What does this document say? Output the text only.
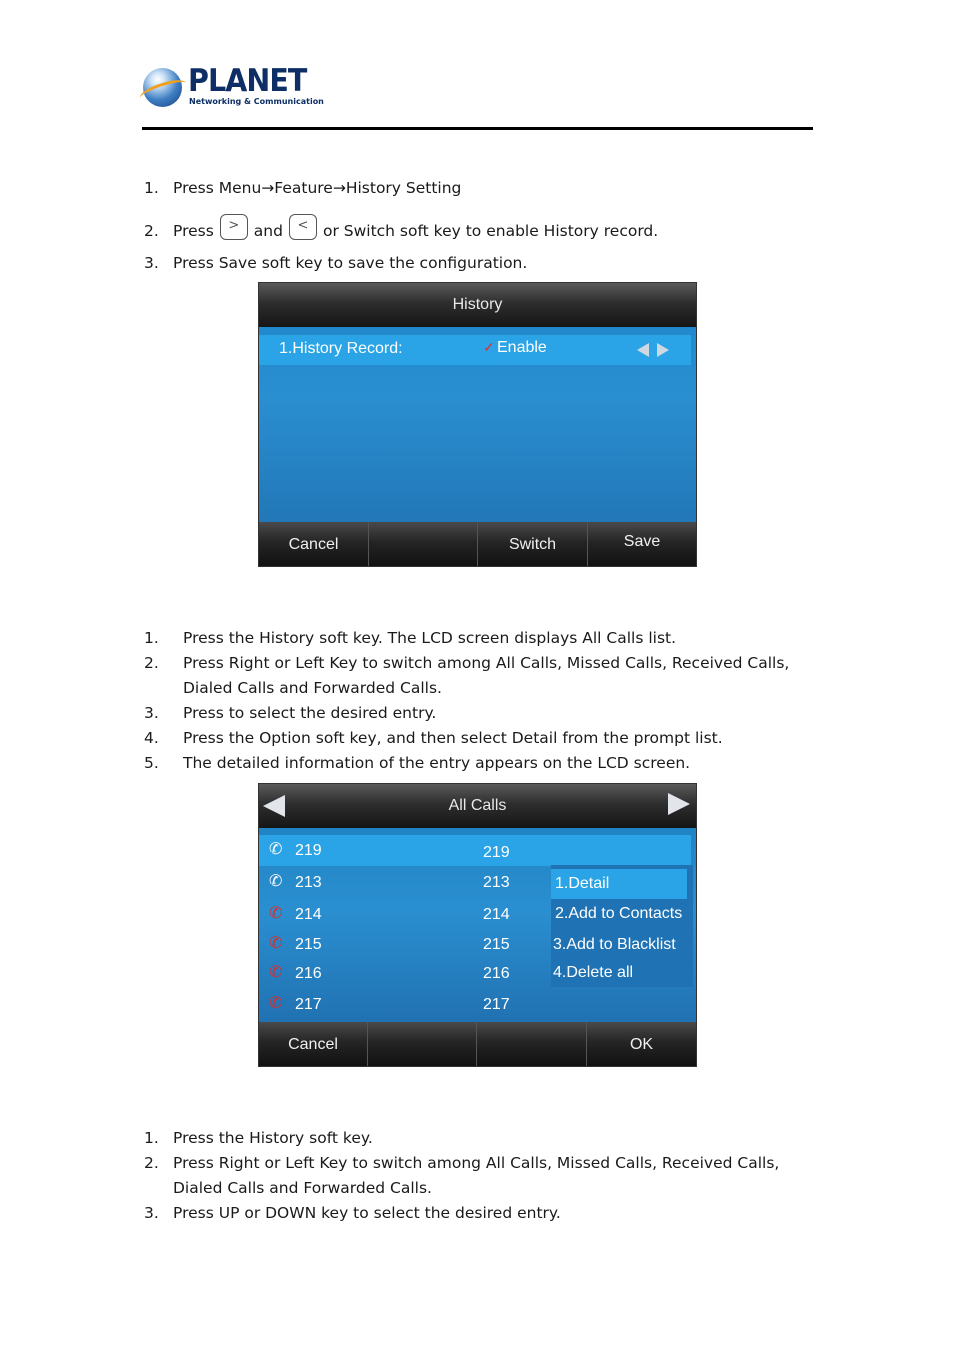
PLANET
Networking & Communication
1. Press Menu→Feature→History Setting
2. Press > and < or Switch soft key to enable History record.
3. Press Save soft key to save the configuration.
History
1.History Record:	✓ Enable
Cancel	Switch	Save
1. Press the History soft key. The LCD screen displays All Calls list.
2. Press Right or Left Key to switch among All Calls, Missed Calls, Received Calls,
Dialed Calls and Forwarded Calls.
3. Press to select the desired entry.
4. Press the Option soft key, and then select Detail from the prompt list.
5. The detailed information of the entry appears on the LCD screen.
All Calls
✆ 219	219
✆ 213	213
✆ 214	214
✆ 215	215
✆ 216	216
✆ 217	217
1.Detail
2.Add to Contacts
3.Add to Blacklist
4.Delete all
Cancel	OK
1. Press the History soft key.
2. Press Right or Left Key to switch among All Calls, Missed Calls, Received Calls,
Dialed Calls and Forwarded Calls.
3. Press UP or DOWN key to select the desired entry.
